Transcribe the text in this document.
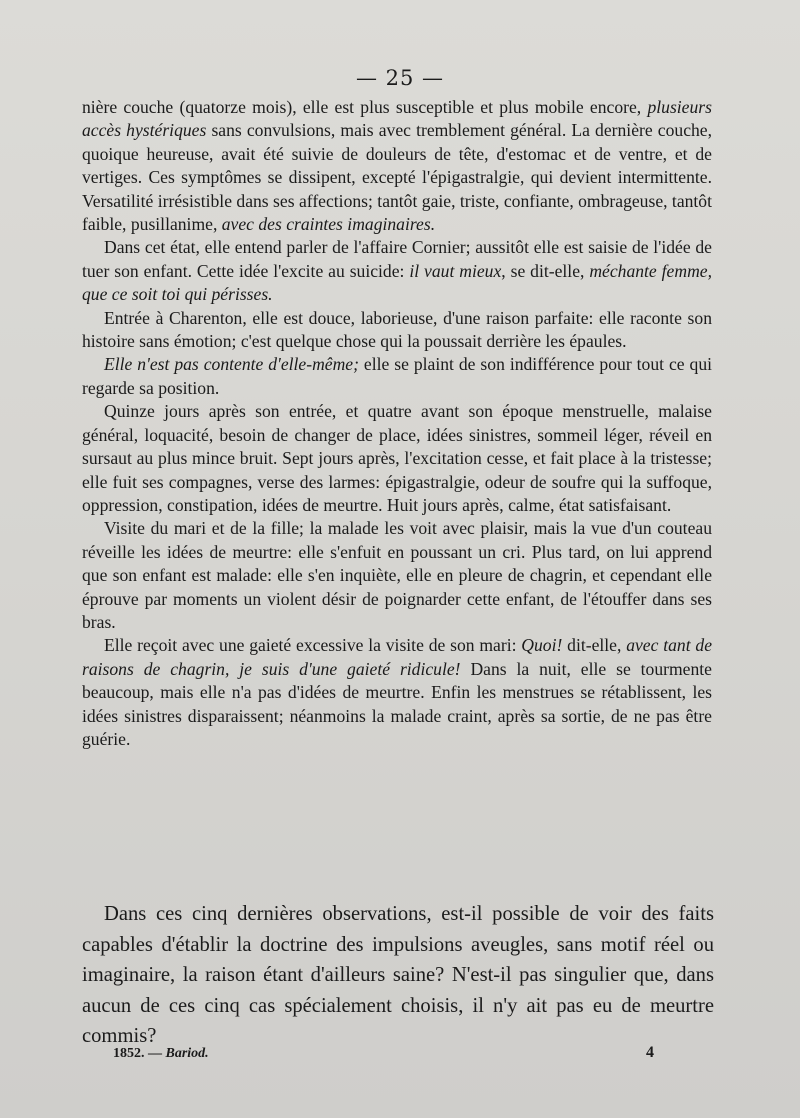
— 25 —

nière couche (quatorze mois), elle est plus susceptible et plus mobile encore, plusieurs accès hystériques sans convulsions, mais avec tremblement général. La dernière couche, quoique heureuse, avait été suivie de douleurs de tête, d'estomac et de ventre, et de vertiges. Ces symptômes se dissipent, excepté l'épigastralgie, qui devient intermittente. Versatilité irrésistible dans ses affections; tantôt gaie, triste, confiante, ombrageuse, tantôt faible, pusillanime, avec des craintes imaginaires.

Dans cet état, elle entend parler de l'affaire Cornier; aussitôt elle est saisie de l'idée de tuer son enfant. Cette idée l'excite au suicide: il vaut mieux, se dit-elle, méchante femme, que ce soit toi qui périsses.

Entrée à Charenton, elle est douce, laborieuse, d'une raison parfaite: elle raconte son histoire sans émotion; c'est quelque chose qui la poussait derrière les épaules.

Elle n'est pas contente d'elle-même; elle se plaint de son indifférence pour tout ce qui regarde sa position.

Quinze jours après son entrée, et quatre avant son époque menstruelle, malaise général, loquacité, besoin de changer de place, idées sinistres, sommeil léger, réveil en sursaut au plus mince bruit. Sept jours après, l'excitation cesse, et fait place à la tristesse; elle fuit ses compagnes, verse des larmes: épigastralgie, odeur de soufre qui la suffoque, oppression, constipation, idées de meurtre. Huit jours après, calme, état satisfaisant.

Visite du mari et de la fille; la malade les voit avec plaisir, mais la vue d'un couteau réveille les idées de meurtre: elle s'enfuit en poussant un cri. Plus tard, on lui apprend que son enfant est malade: elle s'en inquiète, elle en pleure de chagrin, et cependant elle éprouve par moments un violent désir de poignarder cette enfant, de l'étouffer dans ses bras.

Elle reçoit avec une gaieté excessive la visite de son mari: Quoi! dit-elle, avec tant de raisons de chagrin, je suis d'une gaieté ridicule! Dans la nuit, elle se tourmente beaucoup, mais elle n'a pas d'idées de meurtre. Enfin les menstrues se rétablissent, les idées sinistres disparaissent; néanmoins la malade craint, après sa sortie, de ne pas être guérie.

Dans ces cinq dernières observations, est-il possible de voir des faits capables d'établir la doctrine des impulsions aveugles, sans motif réel ou imaginaire, la raison étant d'ailleurs saine? N'est-il pas singulier que, dans aucun de ces cinq cas spécialement choisis, il n'y ait pas eu de meurtre commis?

1852. — Bariod.	4
